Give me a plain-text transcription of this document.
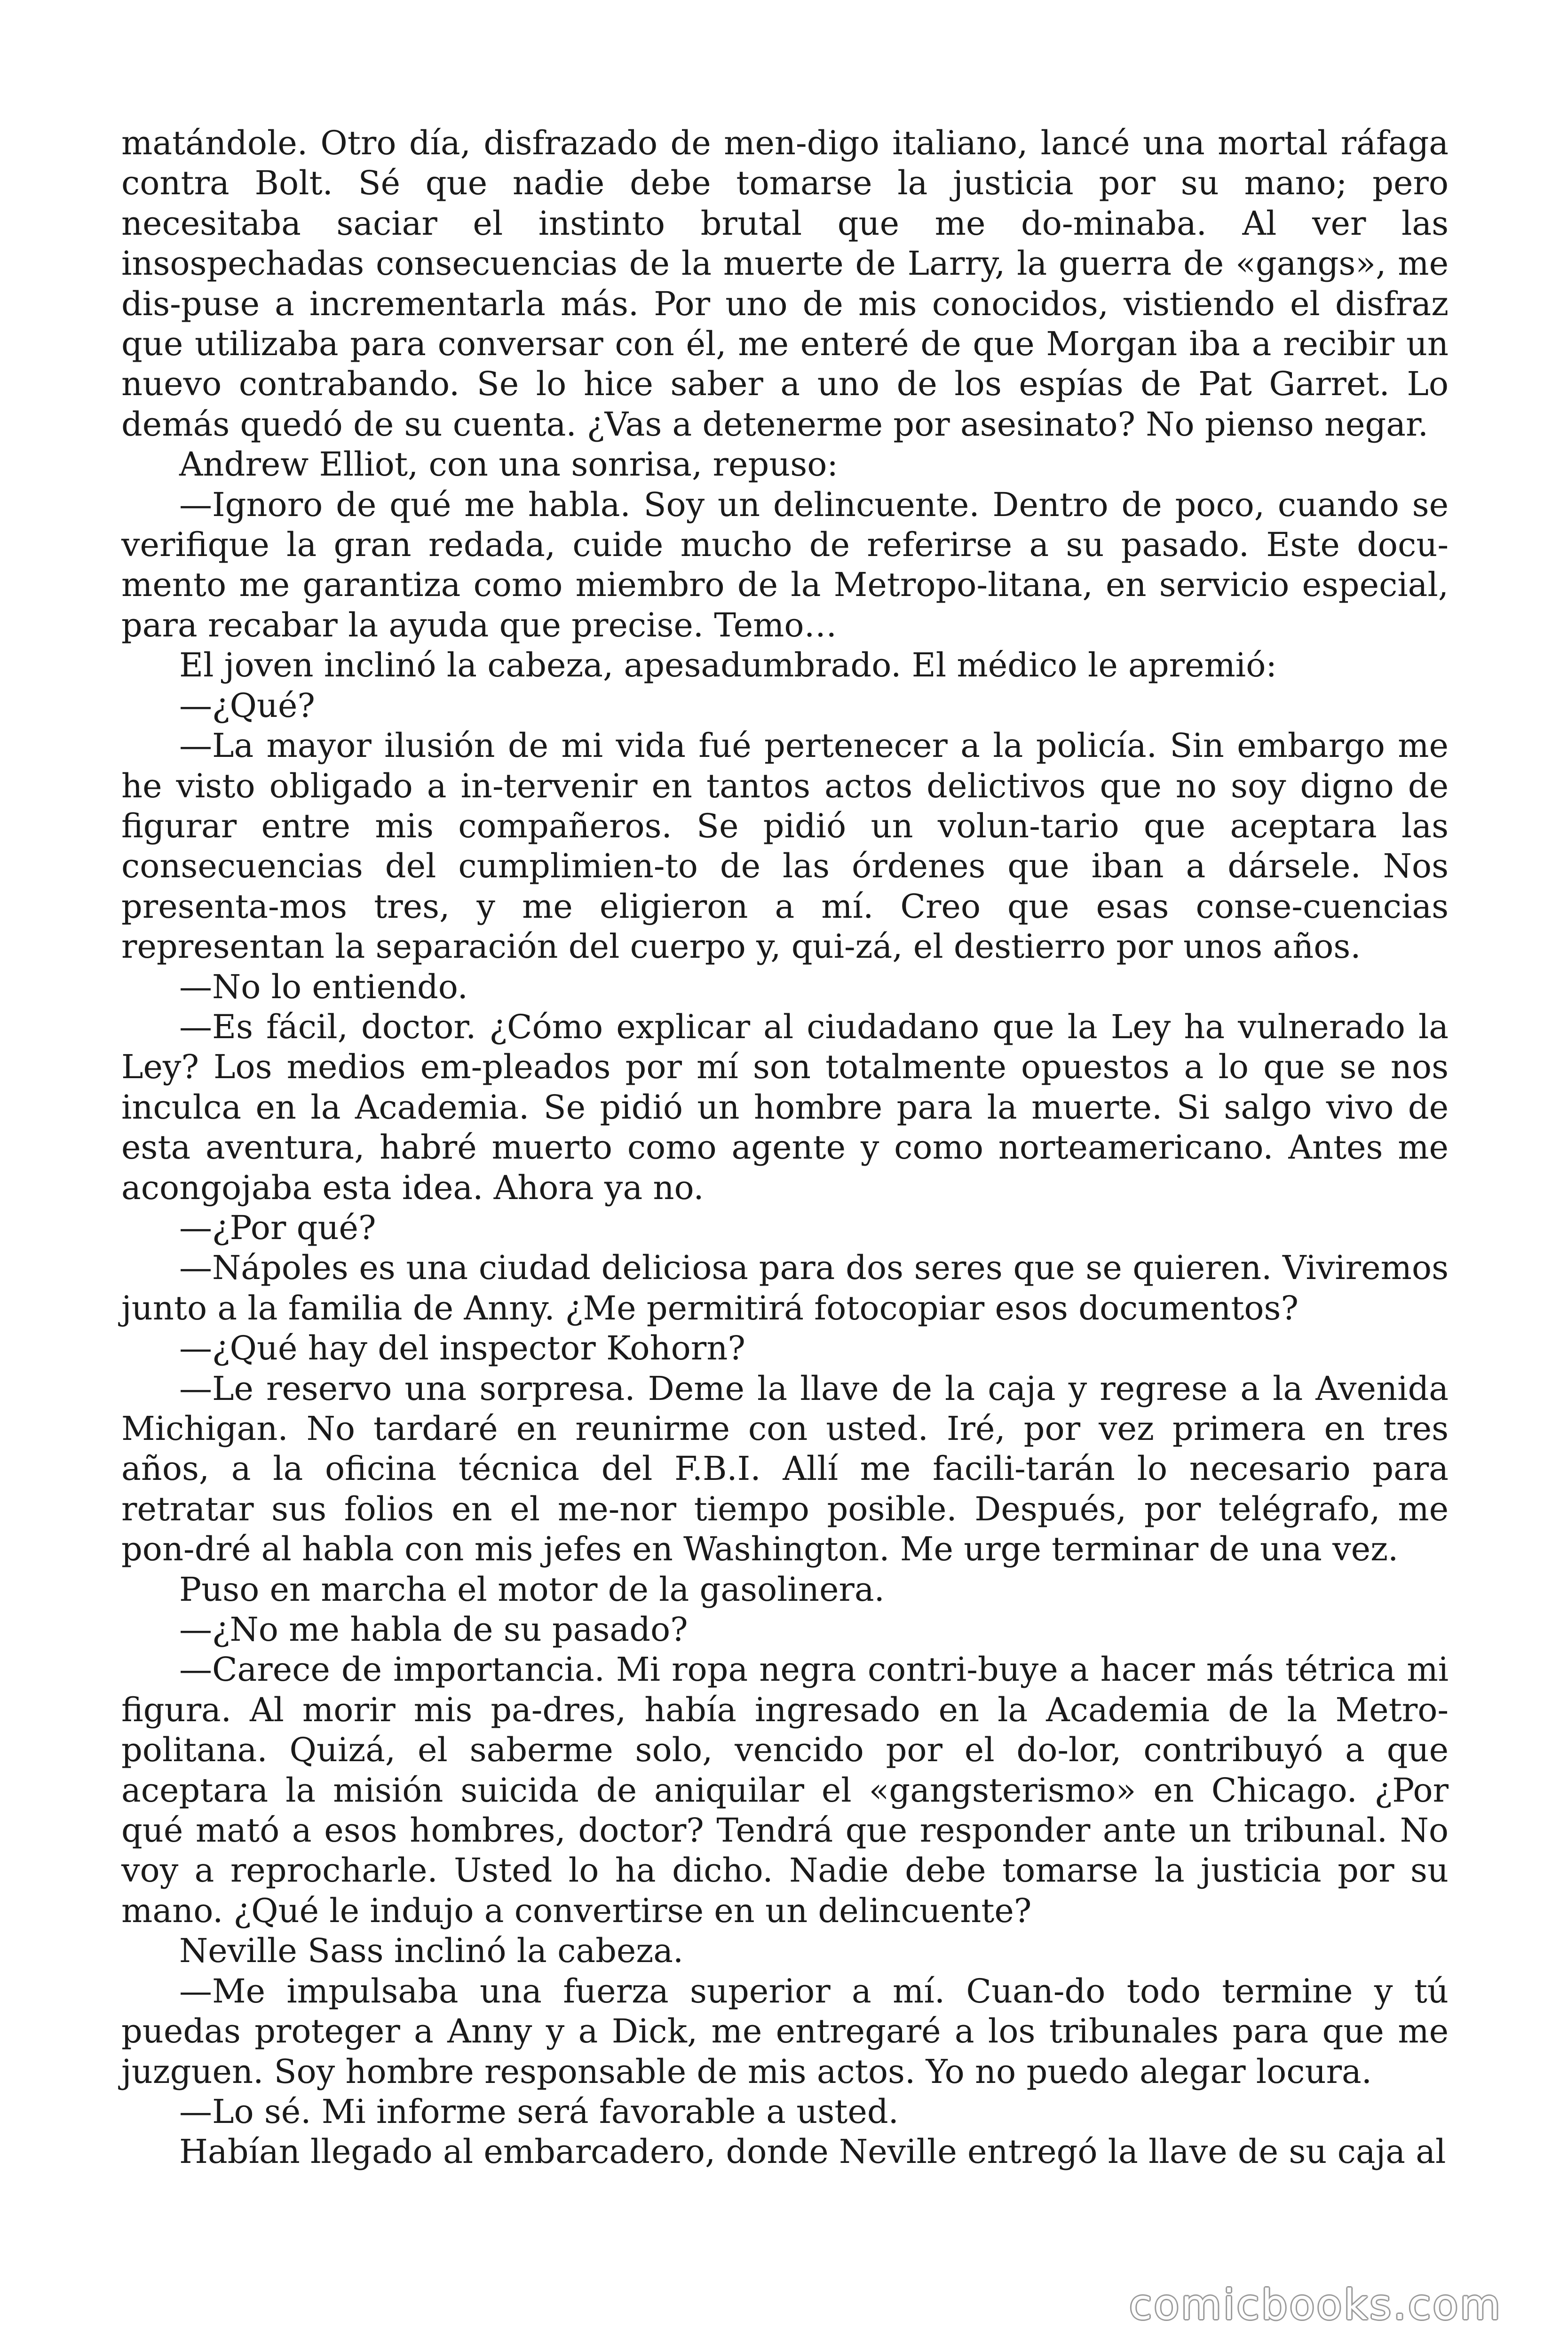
matándole. Otro día, disfrazado de men-digo italiano, lancé una mortal ráfaga contra Bolt. Sé que nadie debe tomarse la justicia por su mano; pero necesitaba saciar el instinto brutal que me do-minaba. Al ver las insospechadas consecuencias de la muerte de Larry, la guerra de «gangs», me dis-puse a incrementarla más. Por uno de mis conocidos, vistiendo el disfraz que utilizaba para conversar con él, me enteré de que Morgan iba a recibir un nuevo contrabando. Se lo hice saber a uno de los espías de Pat Garret. Lo demás quedó de su cuenta. ¿Vas a detenerme por asesinato? No pienso negar.

Andrew Elliot, con una sonrisa, repuso:

—Ignoro de qué me habla. Soy un delincuente. Dentro de poco, cuando se verifique la gran redada, cuide mucho de referirse a su pasado. Este docu-mento me garantiza como miembro de la Metropo-litana, en servicio especial, para recabar la ayuda que precise. Temo…

El joven inclinó la cabeza, apesadumbrado. El médico le apremió:

—¿Qué?

—La mayor ilusión de mi vida fué pertenecer a la policía. Sin embargo me he visto obligado a in-tervenir en tantos actos delictivos que no soy digno de figurar entre mis compañeros. Se pidió un volun-tario que aceptara las consecuencias del cumplimien-to de las órdenes que iban a dársele. Nos presenta-mos tres, y me eligieron a mí. Creo que esas conse-cuencias representan la separación del cuerpo y, qui-zá, el destierro por unos años.

—No lo entiendo.

—Es fácil, doctor. ¿Cómo explicar al ciudadano que la Ley ha vulnerado la Ley? Los medios em-pleados por mí son totalmente opuestos a lo que se nos inculca en la Academia. Se pidió un hombre para la muerte. Si salgo vivo de esta aventura, habré muerto como agente y como norteamericano. Antes me acongojaba esta idea. Ahora ya no.

—¿Por qué?

—Nápoles es una ciudad deliciosa para dos seres que se quieren. Viviremos junto a la familia de Anny. ¿Me permitirá fotocopiar esos documentos?

—¿Qué hay del inspector Kohorn?

—Le reservo una sorpresa. Deme la llave de la caja y regrese a la Avenida Michigan. No tardaré en reunirme con usted. Iré, por vez primera en tres años, a la oficina técnica del F.B.I. Allí me facili-tarán lo necesario para retratar sus folios en el me-nor tiempo posible. Después, por telégrafo, me pon-dré al habla con mis jefes en Washington. Me urge terminar de una vez.

Puso en marcha el motor de la gasolinera.

—¿No me habla de su pasado?

—Carece de importancia. Mi ropa negra contri-buye a hacer más tétrica mi figura. Al morir mis pa-dres, había ingresado en la Academia de la Metro-politana. Quizá, el saberme solo, vencido por el do-lor, contribuyó a que aceptara la misión suicida de aniquilar el «gangsterismo» en Chicago. ¿Por qué mató a esos hombres, doctor? Tendrá que responder ante un tribunal. No voy a reprocharle. Usted lo ha dicho. Nadie debe tomarse la justicia por su mano. ¿Qué le indujo a convertirse en un delincuente?

Neville Sass inclinó la cabeza.

—Me impulsaba una fuerza superior a mí. Cuan-do todo termine y tú puedas proteger a Anny y a Dick, me entregaré a los tribunales para que me juzguen. Soy hombre responsable de mis actos. Yo no puedo alegar locura.

—Lo sé. Mi informe será favorable a usted.

Habían llegado al embarcadero, donde Neville entregó la llave de su caja al

comicbooks.com
